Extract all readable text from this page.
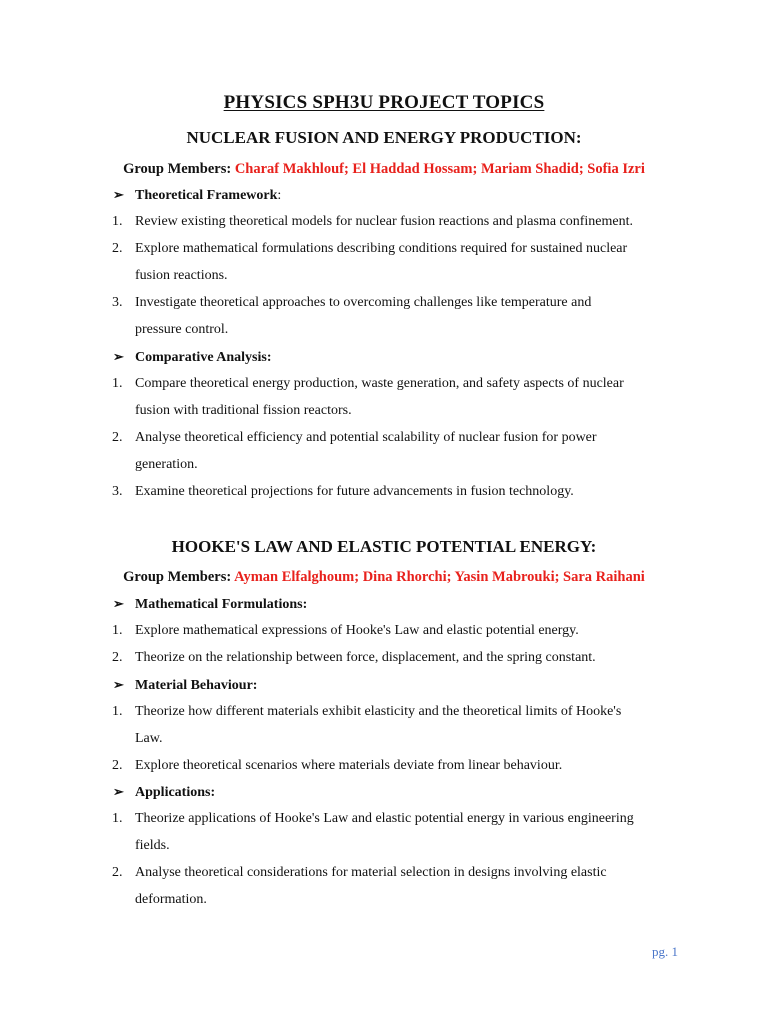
PHYSICS SPH3U PROJECT TOPICS
NUCLEAR FUSION AND ENERGY PRODUCTION:
Group Members: Charaf Makhlouf; El Haddad Hossam; Mariam Shadid; Sofia Izri
➢ Theoretical Framework:
1. Review existing theoretical models for nuclear fusion reactions and plasma confinement.
2. Explore mathematical formulations describing conditions required for sustained nuclear
fusion reactions.
3. Investigate theoretical approaches to overcoming challenges like temperature and
pressure control.
➢ Comparative Analysis:
1. Compare theoretical energy production, waste generation, and safety aspects of nuclear
fusion with traditional fission reactors.
2. Analyse theoretical efficiency and potential scalability of nuclear fusion for power
generation.
3. Examine theoretical projections for future advancements in fusion technology.
HOOKE'S LAW AND ELASTIC POTENTIAL ENERGY:
Group Members: Ayman Elfalghoum; Dina Rhorchi; Yasin Mabrouki; Sara Raihani
➢ Mathematical Formulations:
1. Explore mathematical expressions of Hooke's Law and elastic potential energy.
2. Theorize on the relationship between force, displacement, and the spring constant.
➢ Material Behaviour:
1. Theorize how different materials exhibit elasticity and the theoretical limits of Hooke's
Law.
2. Explore theoretical scenarios where materials deviate from linear behaviour.
➢ Applications:
1. Theorize applications of Hooke's Law and elastic potential energy in various engineering
fields.
2. Analyse theoretical considerations for material selection in designs involving elastic
deformation.
pg. 1
